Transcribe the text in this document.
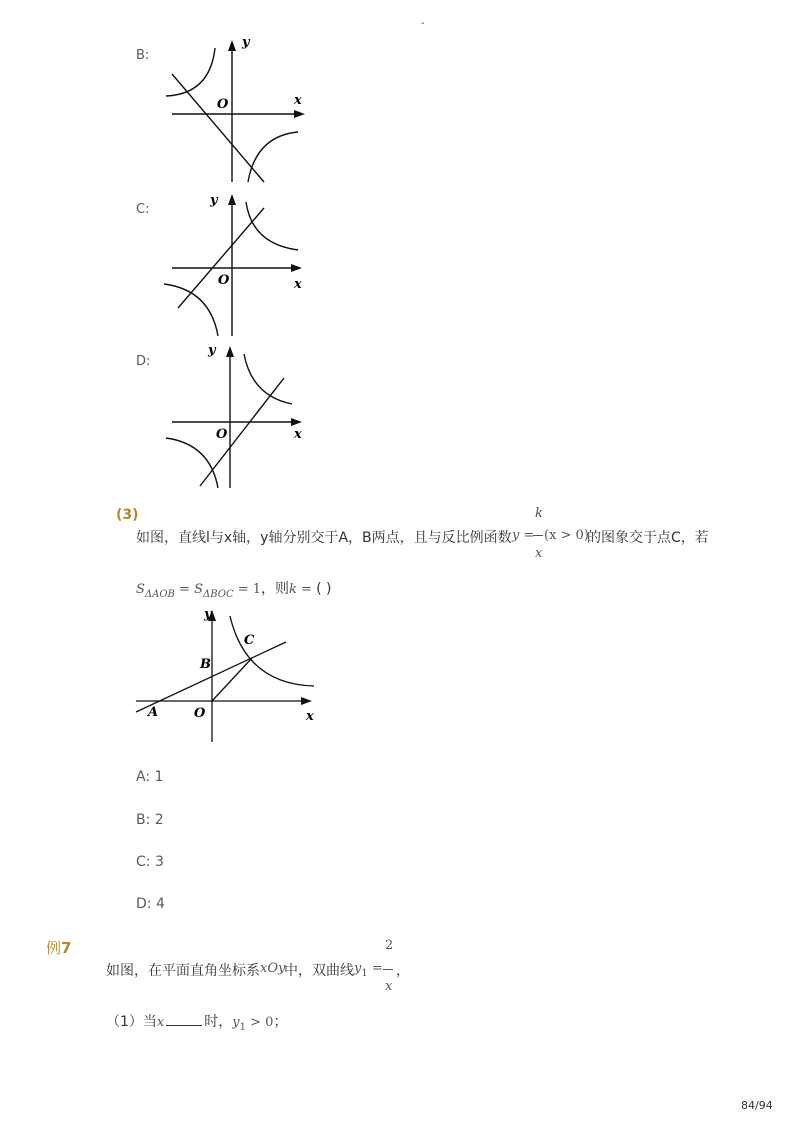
-
B:
y
x
O
C:
y
x
O
D:
y
x
O
(3)
如图，直线l与x轴，y轴分别交于A，B两点，且与反比例函数 y =
k
x
(x > 0)
的图象交于点C，若
$S_{\Delta AOB} = S_{\Delta BOC} = 1$，则k = ( )
y
x
O
A
B
C
A: 1
B: 2
C: 3
D: 4
例7
如图，在平面直角坐标系 xOy
中，双曲线 $y_1$ =
2
x
，
（1）当x	时，$y_1 > 0$；
84/94
